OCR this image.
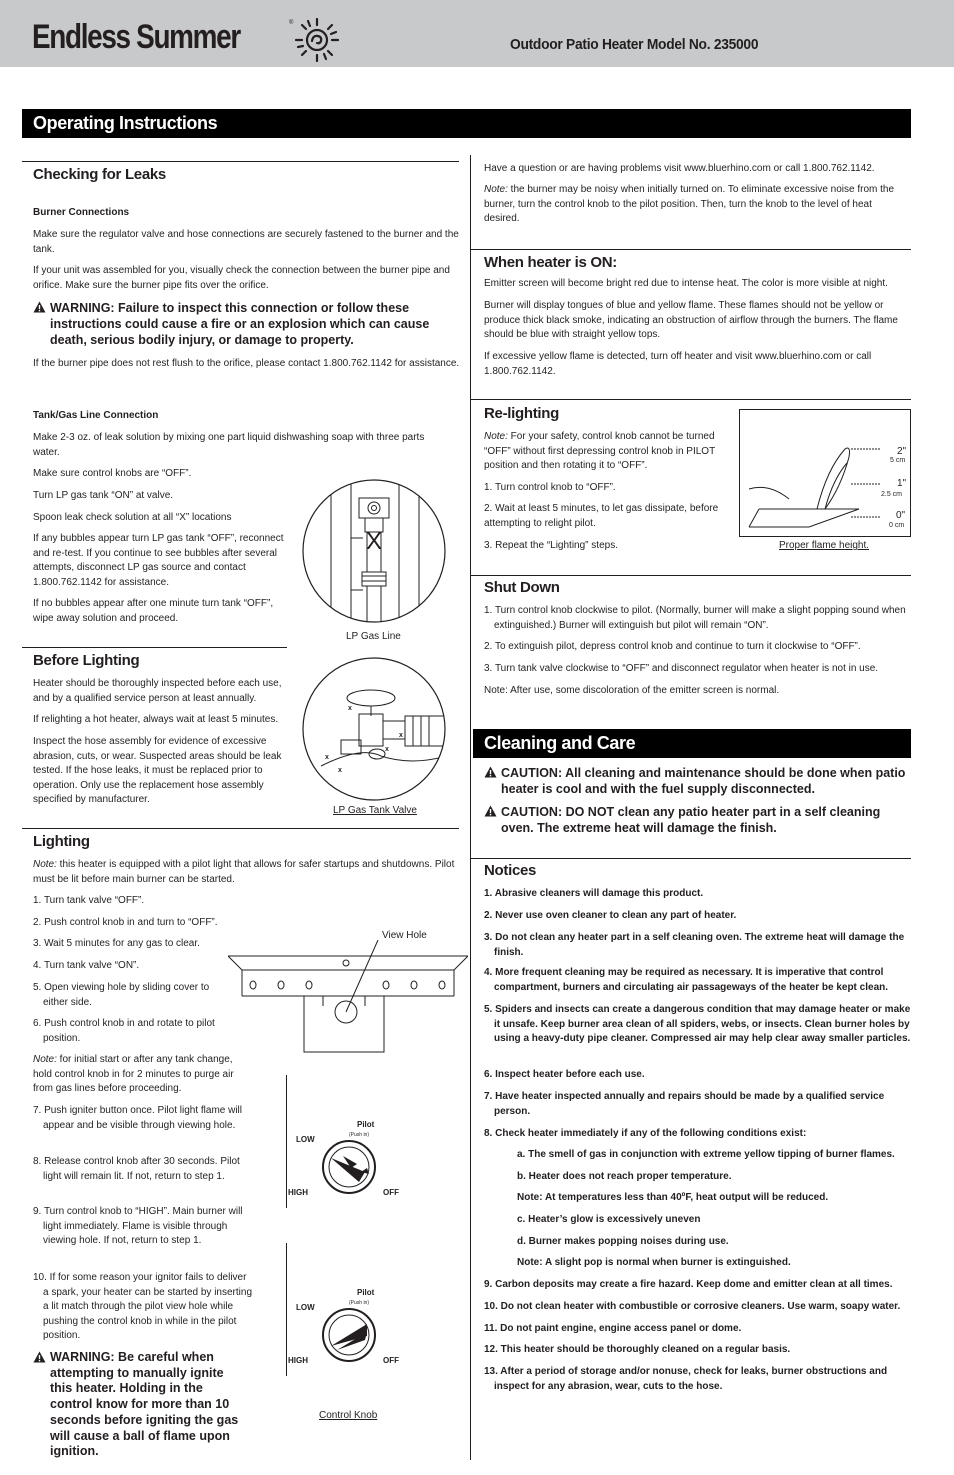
Endless Summer	®
Outdoor Patio Heater Model No. 235000
Operating Instructions
Checking for Leaks
Burner Connections
Make sure the regulator valve and hose connections are securely fastened to the burner and the tank.
If your unit was assembled for you, visually check the connection between the burner pipe and orifice. Make sure the burner pipe fits over the orifice.
WARNING: Failure to inspect this connection or follow these instructions could cause a fire or an explosion which can cause death, serious bodily injury, or damage to property.
If the burner pipe does not rest flush to the orifice, please contact 1.800.762.1142 for assistance.
Tank/Gas Line Connection
Make 2-3 oz. of leak solution by mixing one part liquid dishwashing soap with three parts water.
Make sure control knobs are “OFF”.
Turn LP gas tank “ON” at valve.
Spoon leak check solution at all “X” locations
If any bubbles appear turn LP gas tank “OFF”, reconnect and re-test. If you continue to see bubbles after several attempts, disconnect LP gas source and contact 1.800.762.1142 for assistance.
If no bubbles appear after one minute turn tank “OFF”, wipe away solution and proceed.
X
LP Gas Line
Before Lighting
Heater should be thoroughly inspected before each use, and by a qualified service person at least annually.
If relighting a hot heater, always wait at least 5 minutes.
Inspect the hose assembly for evidence of excessive abrasion, cuts, or wear. Suspected areas should be leak tested. If the hose leaks, it must be replaced prior to operation. Only use the replacement hose assembly specified by manufacturer.
x
x
x
x
x
LP Gas Tank Valve
Lighting
Note: this heater is equipped with a pilot light that allows for safer startups and shutdowns. Pilot must be lit before main burner can be started.
1. Turn tank valve “OFF”.
2. Push control knob in and turn to “OFF”.
3. Wait 5 minutes for any gas to clear.
4. Turn tank valve “ON”.
5. Open viewing hole by sliding cover to either side.
6. Push control knob in and rotate to pilot position.
Note: for initial start or after any tank change, hold control knob in for 2 minutes to purge air from gas lines before proceeding.
7. Push igniter button once. Pilot light flame will appear and be visible through viewing hole.
8. Release control knob after 30 seconds. Pilot light will remain lit. If not, return to step 1.
9. Turn control knob to “HIGH”. Main burner will light immediately. Flame is visible through viewing hole. If not, return to step 1.
10. If for some reason your ignitor fails to deliver a spark, your heater can be started by inserting a lit match through the pilot view hole while pushing the control knob in while in the pilot position.
WARNING: Be careful when attempting to manually ignite this heater. Holding in the control know for more than 10 seconds before igniting the gas will cause a ball of flame upon ignition.
View Hole
Pilot
(Push in)
LOW
HIGH	OFF
Pilot
(Push in)
LOW
HIGH	OFF
Control Knob
Have a question or are having problems visit www.bluerhino.com or call 1.800.762.1142.
Note: the burner may be noisy when initially turned on. To eliminate excessive noise from the burner, turn the control knob to the pilot position. Then, turn the knob to the level of heat desired.
When heater is ON:
Emitter screen will become bright red due to intense heat. The color is more visible at night.
Burner will display tongues of blue and yellow flame. These flames should not be yellow or produce thick black smoke, indicating an obstruction of airflow through the burners. The flame should be blue with straight yellow tops.
If excessive yellow flame is detected, turn off heater and visit www.bluerhino.com or call 1.800.762.1142.
Re-lighting
Note: For your safety, control knob cannot be turned “OFF” without first depressing control knob in PILOT position and then rotating it to “OFF”.
1. Turn control knob to “OFF”.
2. Wait at least 5 minutes, to let gas dissipate, before attempting to relight pilot.
3. Repeat the “Lighting” steps.
2"
5 cm
1"
2.5 cm
0"
0 cm
Proper flame height.
Shut Down
1. Turn control knob clockwise to pilot. (Normally, burner will make a slight popping sound when extinguished.) Burner will extinguish but pilot will remain “ON”.
2. To extinguish pilot, depress control knob and continue to turn it clockwise to “OFF”.
3. Turn tank valve clockwise to “OFF” and disconnect regulator when heater is not in use.
Note: After use, some discoloration of the emitter screen is normal.
Cleaning and Care
CAUTION: All cleaning and maintenance should be done when patio heater is cool and with the fuel supply disconnected.
CAUTION: DO NOT clean any patio heater part in a self cleaning oven. The extreme heat will damage the finish.
Notices
1. Abrasive cleaners will damage this product.
2. Never use oven cleaner to clean any part of heater.
3. Do not clean any heater part in a self cleaning oven. The extreme heat will damage the finish.
4. More frequent cleaning may be required as necessary. It is imperative that control compartment, burners and circulating air passageways of the heater be kept clean.
5. Spiders and insects can create a dangerous condition that may damage heater or make it unsafe. Keep burner area clean of all spiders, webs, or insects. Clean burner holes by using a heavy-duty pipe cleaner. Compressed air may help clear away smaller particles.
6. Inspect heater before each use.
7. Have heater inspected annually and repairs should be made by a qualified service person.
8. Check heater immediately if any of the following conditions exist:
a. The smell of gas in conjunction with extreme yellow tipping of burner flames.
b. Heater does not reach proper temperature.
Note: At temperatures less than 40ºF, heat output will be reduced.
c. Heater’s glow is excessively uneven
d. Burner makes popping noises during use.
Note: A slight pop is normal when burner is extinguished.
9. Carbon deposits may create a fire hazard. Keep dome and emitter clean at all times.
10. Do not clean heater with combustible or corrosive cleaners. Use warm, soapy water.
11. Do not paint engine, engine access panel or dome.
12. This heater should be thoroughly cleaned on a regular basis.
13. After a period of storage and/or nonuse, check for leaks, burner obstructions and inspect for any abrasion, wear, cuts to the hose.
